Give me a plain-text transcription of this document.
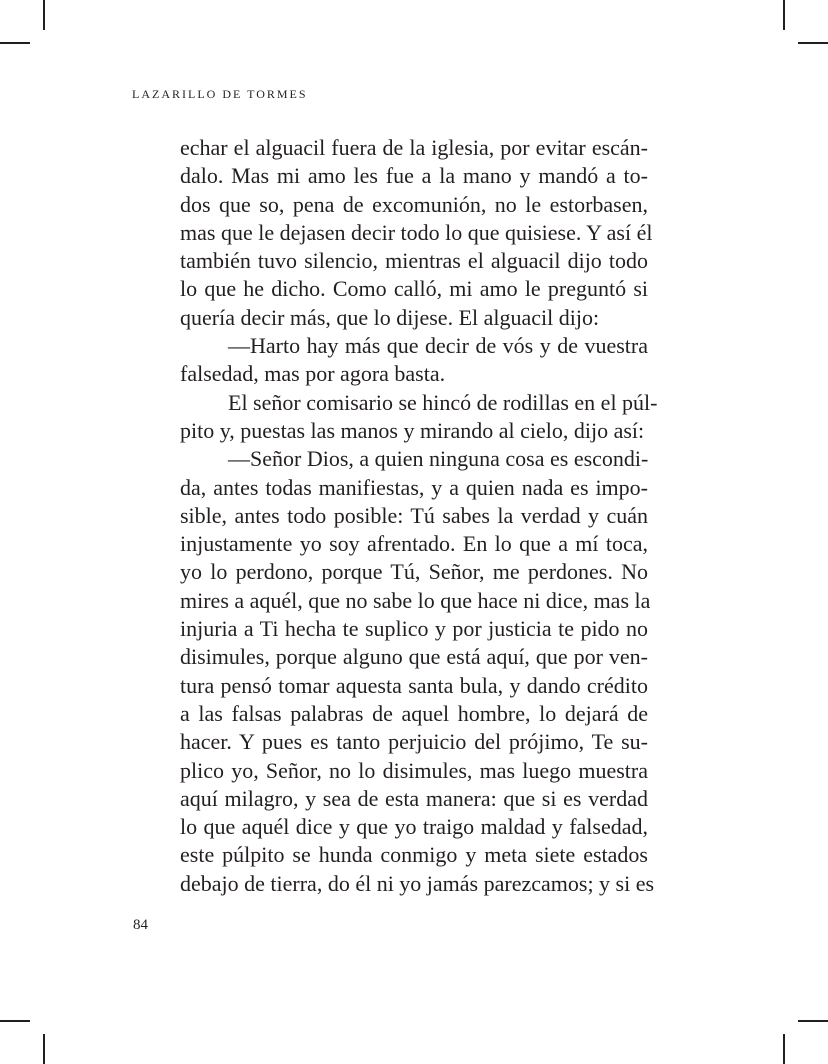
LAZARILLO DE TORMES
echar el alguacil fuera de la iglesia, por evitar escán-
dalo. Mas mi amo les fue a la mano y mandó a to-
dos que so, pena de excomunión, no le estorbasen,
mas que le dejasen decir todo lo que quisiese. Y así él
también tuvo silencio, mientras el alguacil dijo todo
lo que he dicho. Como calló, mi amo le preguntó si
quería decir más, que lo dijese. El alguacil dijo:
—Harto hay más que decir de vós y de vuestra
falsedad, mas por agora basta.
El señor comisario se hincó de rodillas en el púl-
pito y, puestas las manos y mirando al cielo, dijo así:
—Señor Dios, a quien ninguna cosa es escondi-
da, antes todas manifiestas, y a quien nada es impo-
sible, antes todo posible: Tú sabes la verdad y cuán
injustamente yo soy afrentado. En lo que a mí toca,
yo lo perdono, porque Tú, Señor, me perdones. No
mires a aquél, que no sabe lo que hace ni dice, mas la
injuria a Ti hecha te suplico y por justicia te pido no
disimules, porque alguno que está aquí, que por ven-
tura pensó tomar aquesta santa bula, y dando crédito
a las falsas palabras de aquel hombre, lo dejará de
hacer. Y pues es tanto perjuicio del prójimo, Te su-
plico yo, Señor, no lo disimules, mas luego muestra
aquí milagro, y sea de esta manera: que si es verdad
lo que aquél dice y que yo traigo maldad y falsedad,
este púlpito se hunda conmigo y meta siete estados
debajo de tierra, do él ni yo jamás parezcamos; y si es
84
